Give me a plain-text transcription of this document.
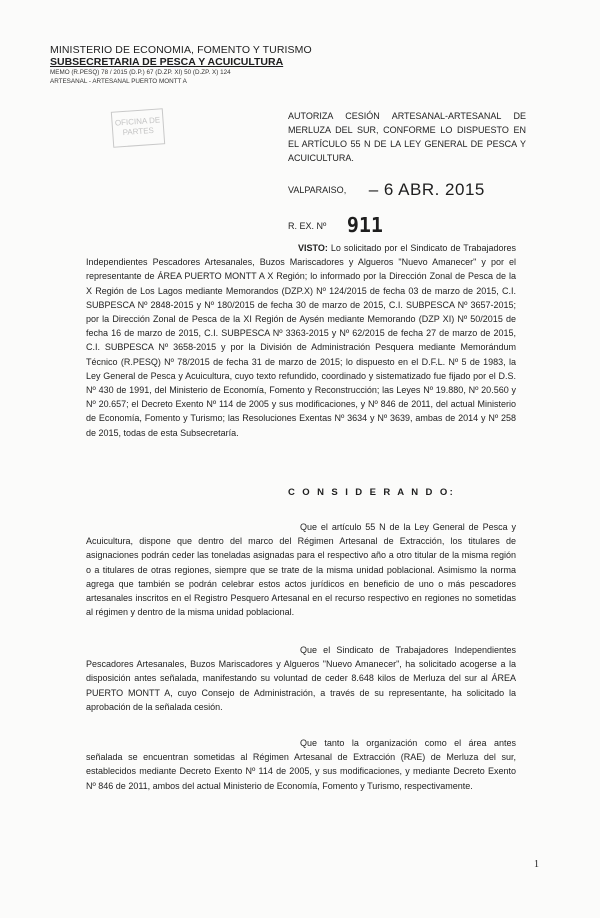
MINISTERIO DE ECONOMIA, FOMENTO Y TURISMO
SUBSECRETARIA DE PESCA Y ACUICULTURA
MEMO (R.PESQ) 78 / 2015 (D.P.) 67 (D.ZP. XI) 50 (D.ZP. X) 124
ARTESANAL - ARTESANAL PUERTO MONTT A
OFICINA DE PARTES
AUTORIZA CESIÓN ARTESANAL-ARTESANAL DE MERLUZA DEL SUR, CONFORME LO DISPUESTO EN EL ARTÍCULO 55 N DE LA LEY GENERAL DE PESCA Y ACUICULTURA.
VALPARAISO, – 6 ABR. 2015
R. EX. Nº 911
VISTO: Lo solicitado por el Sindicato de Trabajadores Independientes Pescadores Artesanales, Buzos Mariscadores y Algueros "Nuevo Amanecer" y por el representante de ÁREA PUERTO MONTT A X Región; lo informado por la Dirección Zonal de Pesca de la X Región de Los Lagos mediante Memorandos (DZP.X) Nº 124/2015 de fecha 03 de marzo de 2015, C.I. SUBPESCA Nº 2848-2015 y Nº 180/2015 de fecha 30 de marzo de 2015, C.I. SUBPESCA Nº 3657-2015; por la Dirección Zonal de Pesca de la XI Región de Aysén mediante Memorando (DZP XI) Nº 50/2015 de fecha 16 de marzo de 2015, C.I. SUBPESCA Nº 3363-2015 y Nº 62/2015 de fecha 27 de marzo de 2015, C.I. SUBPESCA Nº 3658-2015 y por la División de Administración Pesquera mediante Memorándum Técnico (R.PESQ) Nº 78/2015 de fecha 31 de marzo de 2015; lo dispuesto en el D.F.L. Nº 5 de 1983, la Ley General de Pesca y Acuicultura, cuyo texto refundido, coordinado y sistematizado fue fijado por el D.S. Nº 430 de 1991, del Ministerio de Economía, Fomento y Reconstrucción; las Leyes Nº 19.880, Nº 20.560 y Nº 20.657; el Decreto Exento Nº 114 de 2005 y sus modificaciones, y Nº 846 de 2011, del actual Ministerio de Economía, Fomento y Turismo; las Resoluciones Exentas Nº 3634 y Nº 3639, ambas de 2014 y Nº 258 de 2015, todas de esta Subsecretaría.
C O N S I D E R A N D O:
Que el artículo 55 N de la Ley General de Pesca y Acuicultura, dispone que dentro del marco del Régimen Artesanal de Extracción, los titulares de asignaciones podrán ceder las toneladas asignadas para el respectivo año a otro titular de la misma región o a titulares de otras regiones, siempre que se trate de la misma unidad poblacional. Asimismo la norma agrega que también se podrán celebrar estos actos jurídicos en beneficio de uno o más pescadores artesanales inscritos en el Registro Pesquero Artesanal en el recurso respectivo en regiones no sometidas al régimen y dentro de la misma unidad poblacional.
Que el Sindicato de Trabajadores Independientes Pescadores Artesanales, Buzos Mariscadores y Algueros "Nuevo Amanecer", ha solicitado acogerse a la disposición antes señalada, manifestando su voluntad de ceder 8.648 kilos de Merluza del sur al ÁREA PUERTO MONTT A, cuyo Consejo de Administración, a través de su representante, ha solicitado la aprobación de la señalada cesión.
Que tanto la organización como el área antes señalada se encuentran sometidas al Régimen Artesanal de Extracción (RAE) de Merluza del sur, establecidos mediante Decreto Exento Nº 114 de 2005, y sus modificaciones, y mediante Decreto Exento Nº 846 de 2011, ambos del actual Ministerio de Economía, Fomento y Turismo, respectivamente.
1
